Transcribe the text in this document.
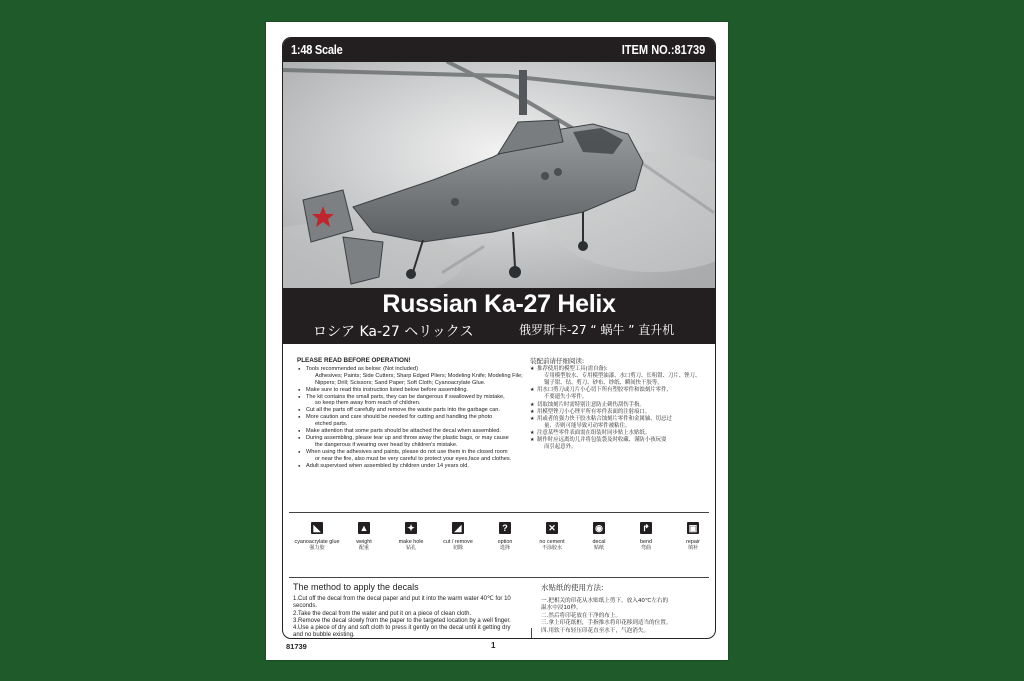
1:48 Scale	ITEM NO.:81739
Russian Ka-27 Helix
ロシア Ka-27 ヘリックス	俄罗斯卡-27 “ 蜗牛 ” 直升机
PLEASE READ BEFORE OPERATION!
● Tools recommended as below: (Not included)
Adhesives; Paints; Side Cutters; Sharp Edged Pliers; Modeling Knife; Modeling File; Nippers; Drill; Scissors; Sand Paper; Soft Cloth; Cyanoacrylate Glue.
● Make sure to read this instruction listed below before assembling.
● The kit contains the small parts, they can be dangerous if swallowed by mistake,
so keep them away from reach of children.
● Cut all the parts off carefully and remove the waste parts into the garbage can.
● More caution and care should be needed for cutting and handling the photo
etched parts.
● Make attention that some parts should be attached the decal when assembled.
● During assembling, please tear up and throw away the plastic bags, or may cause
the dangerous if wearing over head by children's mistake.
● When using the adhesives and paints, please do not use them in the closed room
or near the fire, also must be very careful to protect your eyes,face and clothes.
● Adult supervised when assembled by children under 14 years old.
装配前请仔细阅读:
★ 推荐使用的模型工具(需自备):
专用模型胶水、专用模型油漆、水口剪刀、长咀钳、刀片、锉刀、镊子钳、钻、剪刀、砂布、纱纸、瞬间快干胶等。
★ 用水口剪刀或刀片小心切下所有塑胶零件和蚀刻片零件,
不要遗失小零件。
★ 切取蚀刻片时需特别注意防止刺伤刮伤手指。
★ 用模型锉刀小心锉平所有零件表面的注射痕口。
★ 用或者的强力快干胶水粘合蚀刻片零件和金属轴、切忌过
量、否则可能导致可动零件被粘住。
★ 注意某些零件表面需在组装时同步贴上水贴纸。
★ 制作时应远离幼儿并将包装袋及时收藏、谨防小孩玩耍
而引起意外。
◣
cyanoacrylate glue
强力胶
▲
weight
配重
✦
make hole
钻孔
◢
cut / remove
切除
?
option
选择
✕
no cement
不涂胶水
◉
decal
贴纸
↱
bend
弯曲
▣
repair
填补
The method to apply the decals
1.Cut off the decal from the decal paper and put it into the warm water 40℃ for 10
seconds.
2.Take the decal from the water and put it on a piece of clean cloth.
3.Remove the decal slowly from the paper to the targeted location by a well finger.
4.Use a piece of dry and soft cloth to press it gently on the decal until it getting dry
and no bubble existing.
水贴纸的使用方法:
一.把相关的印花从水贴纸上剪下，放入40℃左右的
温水中浸10秒。
二.然后将印花放在干净的布上。
三.拿上印花纸框，手指推水将印花移到适当的位置。
四.用软干布轻压印花直至水干，气泡消失。
81739	1
